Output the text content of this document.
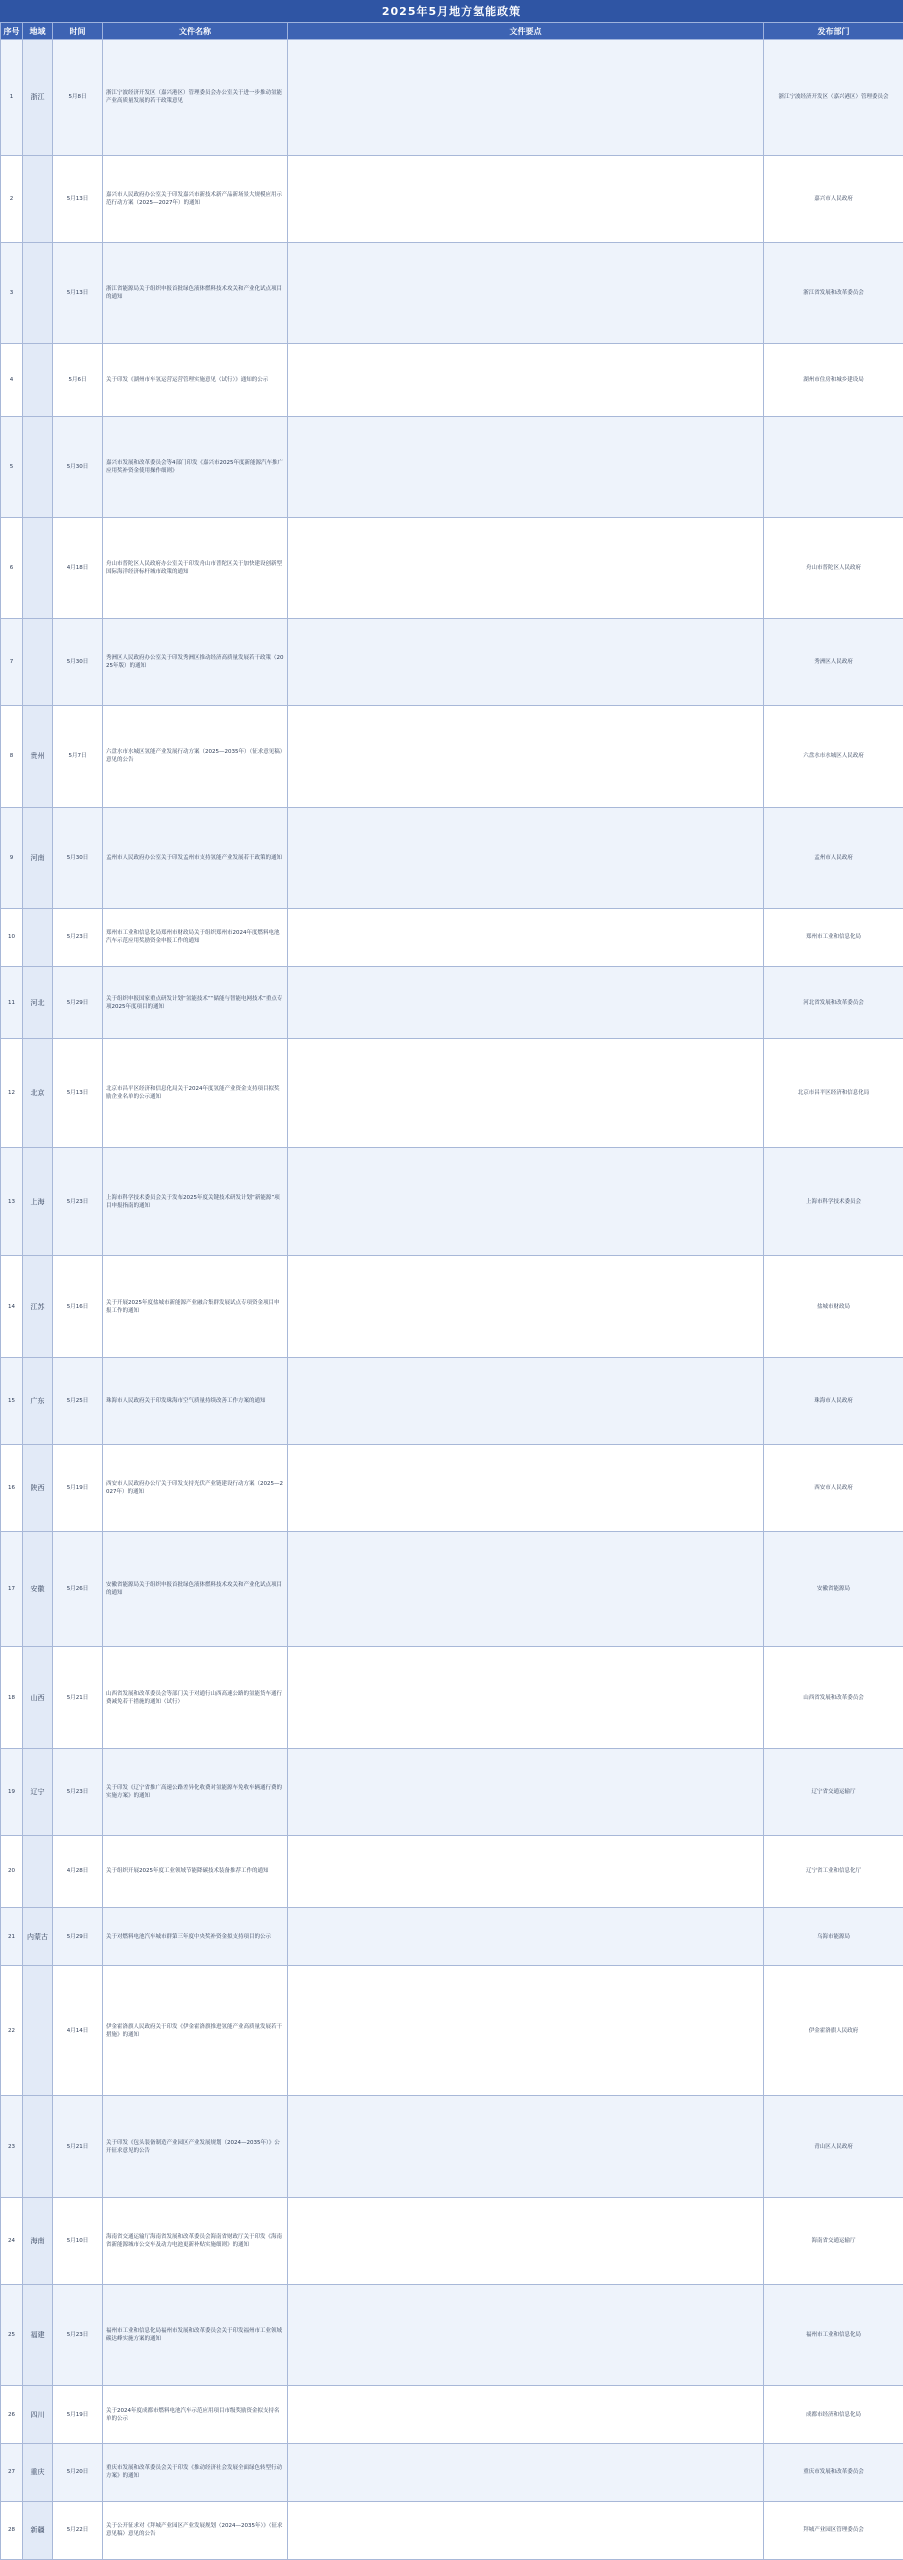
2025年5月地方氢能政策
序号	地域	时间	文件名称	文件要点	发布部门
1	浙江	5月8日	浙江宁波经济开发区（嘉兴港区）管理委员会办公室关于进一步推动氢能产业高质量发展的若干政策意见		浙江宁波经济开发区（嘉兴港区）管理委员会
2		5月13日	嘉兴市人民政府办公室关于印发嘉兴市新技术新产品新场景大规模应用示范行动方案（2025—2027年）的通知		嘉兴市人民政府
3		5月13日	浙江省能源局关于组织申报首批绿色液体燃料技术攻关和产业化试点项目的通知		浙江省发展和改革委员会
4		5月6日	关于印发《湖州市车氢运营运营管理实施意见（试行）》通知的公示		湖州市住房和城乡建设局
5		5月30日	嘉兴市发展和改革委员会等4部门印发《嘉兴市2025年度新能源汽车推广应用奖补资金使用操作细则》		
6		4月18日	舟山市普陀区人民政府办公室关于印发舟山市普陀区关于加快建设创新型国际海洋经济标杆城市政策的通知		舟山市普陀区人民政府
7		5月30日	秀洲区人民政府办公室关于印发秀洲区推动经济高质量发展若干政策（2025年版）的通知		秀洲区人民政府
8	贵州	5月7日	六盘水市水城区氢能产业发展行动方案（2025—2035年）（征求意见稿）意见的公告		六盘水市水城区人民政府
9	河南	5月30日	孟州市人民政府办公室关于印发孟州市支持氢能产业发展若干政策的通知		孟州市人民政府
10		5月23日	郑州市工业和信息化局郑州市财政局关于组织郑州市2024年度燃料电池汽车示范应用奖励资金申报工作的通知		郑州市工业和信息化局
11	河北	5月29日	关于组织申报国家重点研发计划“氢能技术”“储能与智能电网技术”重点专项2025年度项目的通知		河北省发展和改革委员会
12	北京	5月13日	北京市昌平区经济和信息化局关于2024年度氢能产业资金支持项目拟奖励企业名单的公示通知		北京市昌平区经济和信息化局
13	上海	5月23日	上海市科学技术委员会关于发布2025年度关键技术研发计划“新能源”项目申报指南的通知		上海市科学技术委员会
14	江苏	5月16日	关于开展2025年度盐城市新能源产业融合集群发展试点专项资金项目申报工作的通知		盐城市财政局
15	广东	5月25日	珠海市人民政府关于印发珠海市空气质量持续改善工作方案的通知		珠海市人民政府
16	陕西	5月19日	西安市人民政府办公厅关于印发支持光伏产业链建设行动方案（2025—2027年）的通知		西安市人民政府
17	安徽	5月26日	安徽省能源局关于组织申报首批绿色液体燃料技术攻关和产业化试点项目的通知		安徽省能源局
18	山西	5月21日	山西省发展和改革委员会等部门关于对通行山西高速公路的氢能货车通行费减免若干措施的通知（试行）		山西省发展和改革委员会
19	辽宁	5月23日	关于印发《辽宁省推广高速公路差异化收费对氢能源车免收车辆通行费的实施方案》的通知		辽宁省交通运输厅
20		4月28日	关于组织开展2025年度工业领域节能降碳技术装备推荐工作的通知		辽宁省工业和信息化厅
21	内蒙古	5月29日	关于对燃料电池汽车城市群第三年度中央奖补资金拟支持项目的公示		乌海市能源局
22		4月14日	伊金霍洛旗人民政府关于印发《伊金霍洛旗推进氢能产业高质量发展若干措施》的通知		伊金霍洛旗人民政府
23		5月21日	关于印发《包头装备制造产业园区产业发展规划（2024—2035年）》公开征求意见的公告		青山区人民政府
24	海南	5月10日	海南省交通运输厅海南省发展和改革委员会海南省财政厅关于印发《海南省新能源城市公交车及动力电池更新补贴实施细则》的通知		海南省交通运输厅
25	福建	5月23日	福州市工业和信息化局福州市发展和改革委员会关于印发福州市工业领域碳达峰实施方案的通知		福州市工业和信息化局
26	四川	5月19日	关于2024年度成都市燃料电池汽车示范应用项目市级奖励资金拟支持名单的公示		成都市经济和信息化局
27	重庆	5月20日	重庆市发展和改革委员会关于印发《推动经济社会发展全面绿色转型行动方案》的通知		重庆市发展和改革委员会
28	新疆	5月22日	关于公开征求对《拜城产业园区产业发展规划（2024—2035年）》（征求意见稿）意见的公告		拜城产业园区管理委员会
